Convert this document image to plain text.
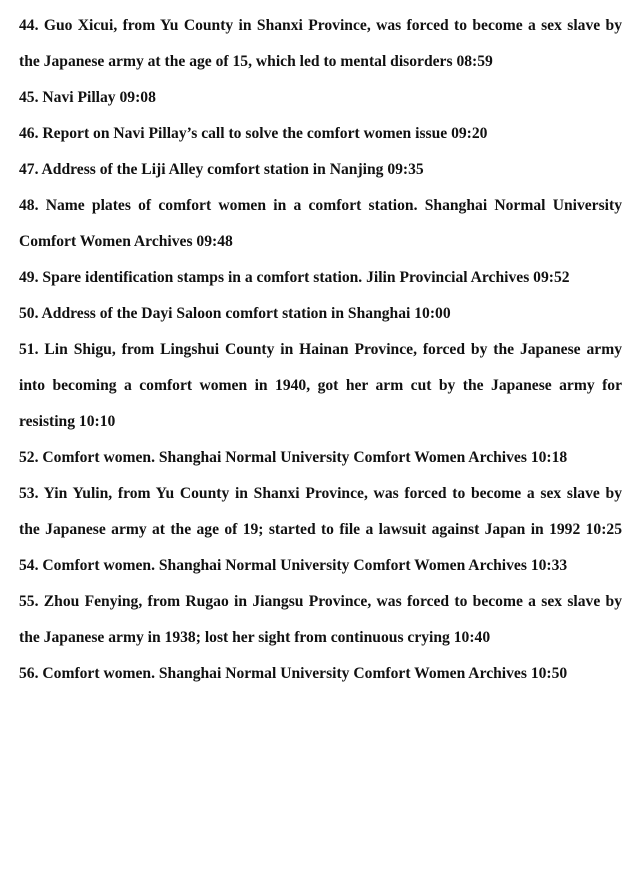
44. Guo Xicui, from Yu County in Shanxi Province, was forced to become a sex slave by
the Japanese army at the age of 15, which led to mental disorders 08:59
45. Navi Pillay 09:08
46. Report on Navi Pillay’s call to solve the comfort women issue 09:20
47. Address of the Liji Alley comfort station in Nanjing 09:35
48. Name plates of comfort women in a comfort station. Shanghai Normal University
Comfort Women Archives 09:48
49. Spare identification stamps in a comfort station. Jilin Provincial Archives 09:52
50. Address of the Dayi Saloon comfort station in Shanghai 10:00
51. Lin Shigu, from Lingshui County in Hainan Province, forced by the Japanese army
into becoming a comfort women in 1940, got her arm cut by the Japanese army for
resisting 10:10
52. Comfort women. Shanghai Normal University Comfort Women Archives 10:18
53. Yin Yulin, from Yu County in Shanxi Province, was forced to become a sex slave by
the Japanese army at the age of 19; started to file a lawsuit against Japan in 1992 10:25
54. Comfort women. Shanghai Normal University Comfort Women Archives 10:33
55. Zhou Fenying, from Rugao in Jiangsu Province, was forced to become a sex slave by
the Japanese army in 1938; lost her sight from continuous crying 10:40
56. Comfort women. Shanghai Normal University Comfort Women Archives 10:50
